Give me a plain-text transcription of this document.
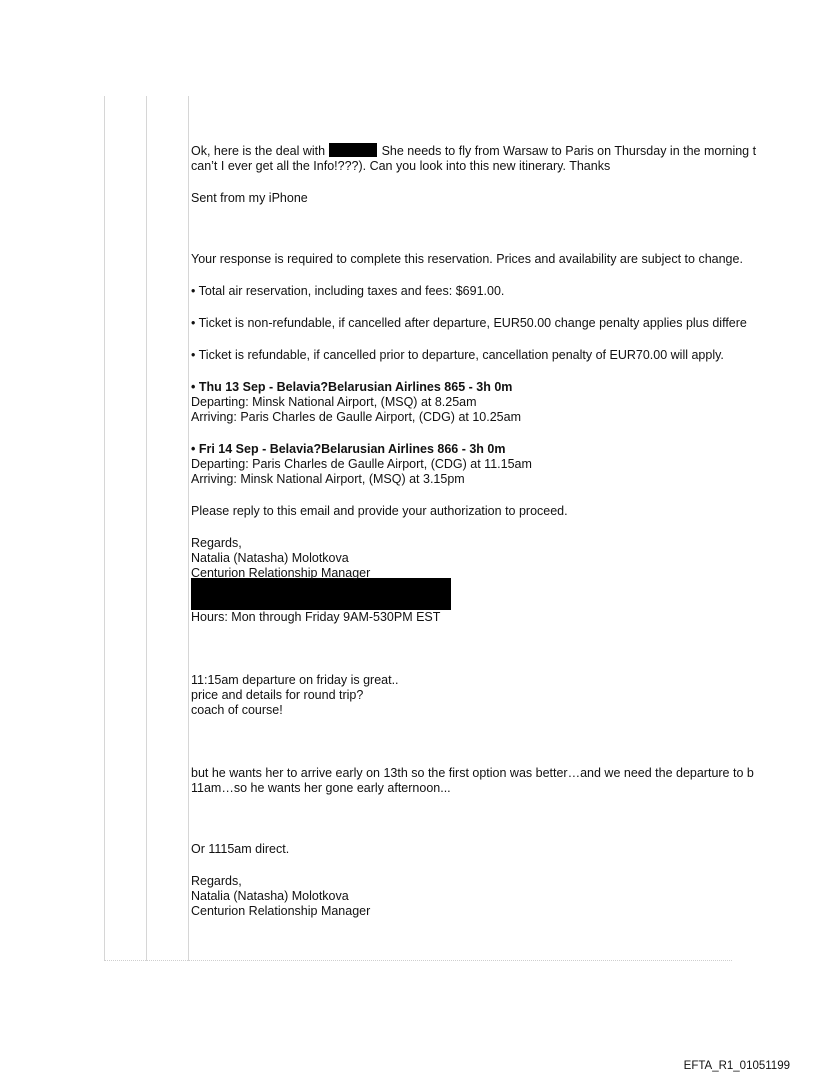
Ok, here is the deal with	She needs to fly from Warsaw to Paris on Thursday in the morning t

can’t I ever get all the Info!???). Can you look into this new itinerary. Thanks

Sent from my iPhone

Your response is required to complete this reservation. Prices and availability are subject to change.

• Total air reservation, including taxes and fees: $691.00.

• Ticket is non-refundable, if cancelled after departure, EUR50.00 change penalty applies plus differe

• Ticket is refundable, if cancelled prior to departure, cancellation penalty of EUR70.00 will apply.

• Thu 13 Sep - Belavia?Belarusian Airlines 865 - 3h 0m

Departing: Minsk National Airport, (MSQ) at 8.25am

Arriving: Paris Charles de Gaulle Airport, (CDG) at 10.25am

• Fri 14 Sep - Belavia?Belarusian Airlines 866 - 3h 0m

Departing: Paris Charles de Gaulle Airport, (CDG) at 11.15am

Arriving: Minsk National Airport, (MSQ) at 3.15pm

Please reply to this email and provide your authorization to proceed.

Regards,

Natalia (Natasha) Molotkova

Centurion Relationship Manager

Hours: Mon through Friday 9AM-530PM EST

11:15am departure on friday is great..

price and details for round trip?

coach of course!

but he wants her to arrive early on 13th so the first option was better…and we need the departure to b

11am…so he wants her gone early afternoon...

Or 1115am direct.

Regards,

Natalia (Natasha) Molotkova

Centurion Relationship Manager

EFTA_R1_01051199
